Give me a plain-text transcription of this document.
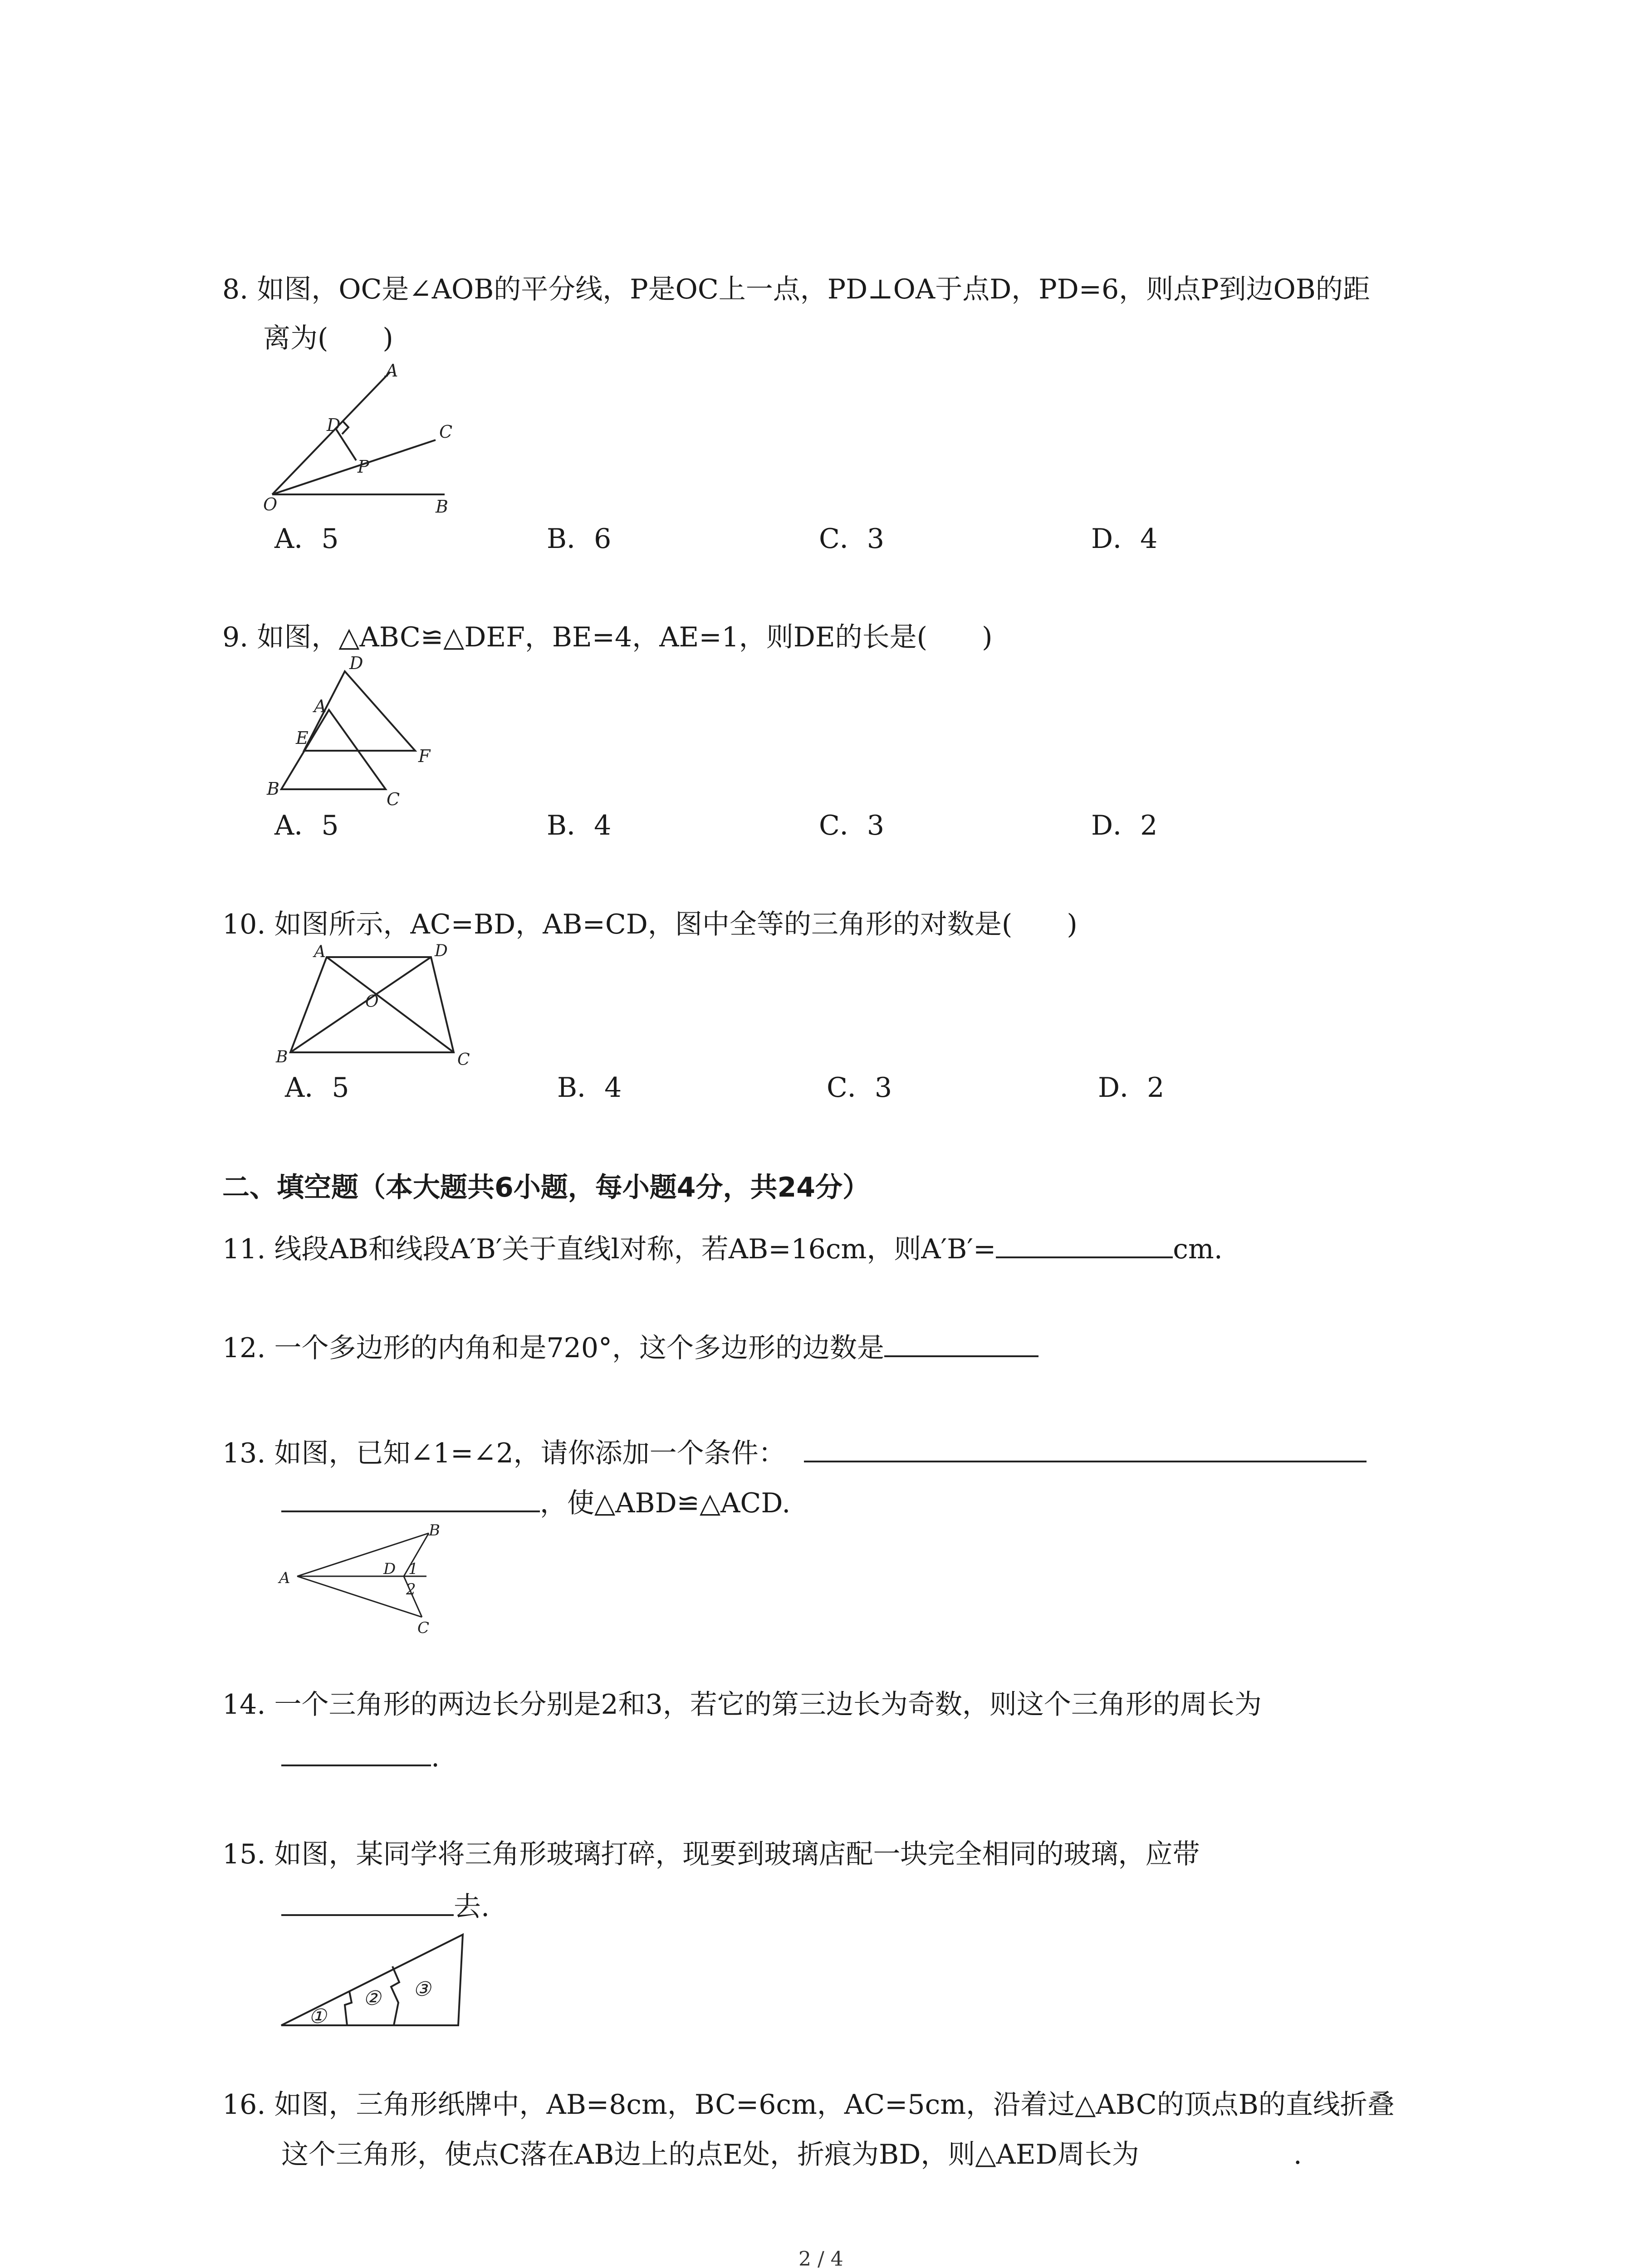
8. 如图，OC是∠AOB的平分线，P是OC上一点，PD⊥OA于点D，PD=6，则点P到边OB的距
离为(　　)
A
D	C
P
O	B
A．5	B．6	C．3	D．4
9. 如图，△ABC≌△DEF，BE=4，AE=1，则DE的长是(　　)
D
A
E
F
B
C
A．5	B．4	C．3	D．2
10. 如图所示，AC=BD，AB=CD，图中全等的三角形的对数是(　　)
A	D
O
B	C
A．5	B．4	C．3	D．2
二、填空题（本大题共6小题，每小题4分，共24分）
11. 线段AB和线段A′B′关于直线l对称，若AB=16cm，则A′B′=	cm.
12. 一个多边形的内角和是720°，这个多边形的边数是
13. 如图，已知∠1=∠2，请你添加一个条件：
，使△ABD≌△ACD.
A
B
D 1
2
C
14. 一个三角形的两边长分别是2和3，若它的第三边长为奇数，则这个三角形的周长为
.
15. 如图，某同学将三角形玻璃打碎，现要到玻璃店配一块完全相同的玻璃，应带
去.
①
② ③
16. 如图，三角形纸牌中，AB=8cm，BC=6cm，AC=5cm，沿着过△ABC的顶点B的直线折叠
这个三角形，使点C落在AB边上的点E处，折痕为BD，则△AED周长为	.
2 / 4
